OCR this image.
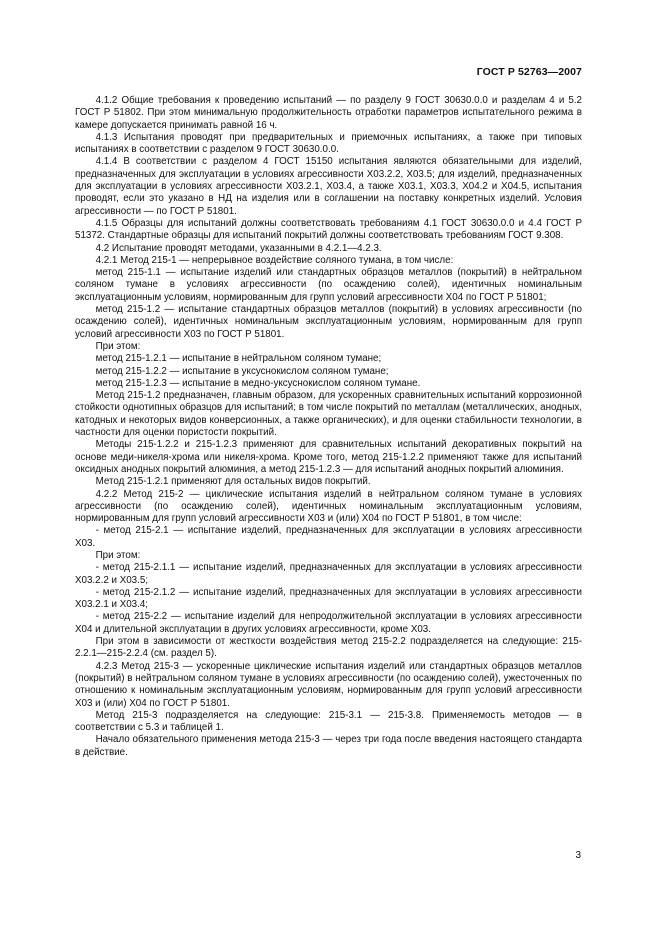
ГОСТ Р 52763—2007

4.1.2 Общие требования к проведению испытаний — по разделу 9 ГОСТ 30630.0.0 и разделам 4 и 5.2 ГОСТ Р 51802. При этом минимальную продолжительность отработки параметров испытательного режима в камере допускается принимать равной 16 ч.

4.1.3 Испытания проводят при предварительных и приемочных испытаниях, а также при типовых испытаниях в соответствии с разделом 9 ГОСТ 30630.0.0.

4.1.4 В соответствии с разделом 4 ГОСТ 15150 испытания являются обязательными для изделий, предназначенных для эксплуатации в условиях агрессивности Х03.2.2, Х03.5; для изделий, предназначенных для эксплуатации в условиях агрессивности Х03.2.1, Х03.4, а также Х03.1, Х03.3, Х04.2 и Х04.5, испытания проводят, если это указано в НД на изделия или в соглашении на поставку конкретных изделий. Условия агрессивности — по ГОСТ Р 51801.

4.1.5 Образцы для испытаний должны соответствовать требованиям 4.1 ГОСТ 30630.0.0 и 4.4 ГОСТ Р 51372. Стандартные образцы для испытаний покрытий должны соответствовать требованиям ГОСТ 9.308.

4.2 Испытание проводят методами, указанными в 4.2.1—4.2.3.

4.2.1 Метод 215-1 — непрерывное воздействие соляного тумана, в том числе:

метод 215-1.1 — испытание изделий или стандартных образцов металлов (покрытий) в нейтральном соляном тумане в условиях агрессивности (по осаждению солей), идентичных номинальным эксплуатационным условиям, нормированным для групп условий агрессивности Х04 по ГОСТ Р 51801;

метод 215-1.2 — испытание стандартных образцов металлов (покрытий) в условиях агрессивности (по осаждению солей), идентичных номинальным эксплуатационным условиям, нормированным для групп условий агрессивности Х03 по ГОСТ Р 51801.

При этом:

метод 215-1.2.1 — испытание в нейтральном соляном тумане;

метод 215-1.2.2 — испытание в уксуснокислом соляном тумане;

метод 215-1.2.3 — испытание в медно-уксуснокислом соляном тумане.

Метод 215-1.2 предназначен, главным образом, для ускоренных сравнительных испытаний коррозионной стойкости однотипных образцов для испытаний; в том числе покрытий по металлам (металлических, анодных, катодных и некоторых видов конверсионных, а также органических), и для оценки стабильности технологии, в частности для оценки пористости покрытий.

Методы 215-1.2.2 и 215-1.2.3 применяют для сравнительных испытаний декоративных покрытий на основе меди-никеля-хрома или никеля-хрома. Кроме того, метод 215-1.2.2 применяют также для испытаний оксидных анодных покрытий алюминия, а метод 215-1.2.3 — для испытаний анодных покрытий алюминия.

Метод 215-1.2.1 применяют для остальных видов покрытий.

4.2.2 Метод 215-2 — циклические испытания изделий в нейтральном соляном тумане в условиях агрессивности (по осаждению солей), идентичных номинальным эксплуатационным условиям, нормированным для групп условий агрессивности Х03 и (или) Х04 по ГОСТ Р 51801, в том числе:

- метод 215-2.1 — испытание изделий, предназначенных для эксплуатации в условиях агрессивности Х03.

При этом:

- метод 215-2.1.1 — испытание изделий, предназначенных для эксплуатации в условиях агрессивности Х03.2.2 и Х03.5;

- метод 215-2.1.2 — испытание изделий, предназначенных для эксплуатации в условиях агрессивности Х03.2.1 и Х03.4;

- метод 215-2.2 — испытание изделий для непродолжительной эксплуатации в условиях агрессивности Х04 и длительной эксплуатации в других условиях агрессивности, кроме Х03.

При этом в зависимости от жесткости воздействия метод 215-2.2 подразделяется на следующие: 215-2.2.1—215-2.2.4 (см. раздел 5).

4.2.3 Метод 215-3 — ускоренные циклические испытания изделий или стандартных образцов металлов (покрытий) в нейтральном соляном тумане в условиях агрессивности (по осаждению солей), ужесточенных по отношению к номинальным эксплуатационным условиям, нормированным для групп условий агрессивности Х03 и (или) Х04 по ГОСТ Р 51801.

Метод 215-3 подразделяется на следующие: 215-3.1 — 215-3.8. Применяемость методов — в соответствии с 5.3 и таблицей 1.

Начало обязательного применения метода 215-3 — через три года после введения настоящего стандарта в действие.

3
